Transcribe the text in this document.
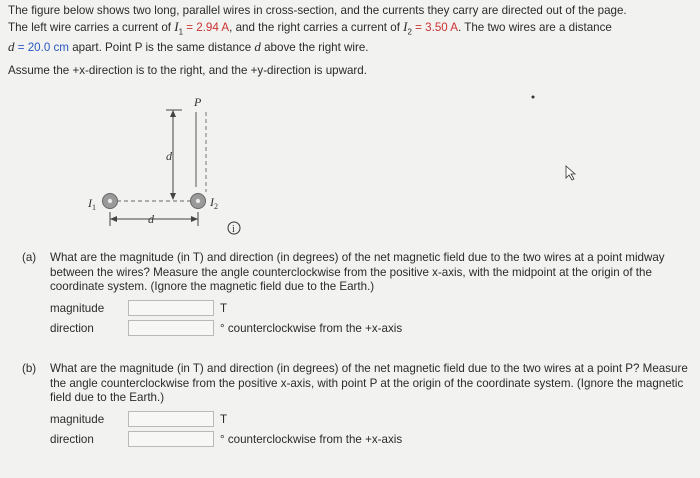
The figure below shows two long, parallel wires in cross-section, and the currents they carry are directed out of the page.

The left wire carries a current of $I_1 = 2.94$ A, and the right carries a current of $I_2 = 3.50$ A. The two wires are a distance

d = 20.0 cm apart. Point P is the same distance d above the right wire.

Assume the +x-direction is to the right, and the +y-direction is upward.
P
d
$I_1$	$I_2$
d
i
(a) What are the magnitude (in T) and direction (in degrees) of the net magnetic field due to the two wires at a point midway between the wires? Measure the angle counterclockwise from the positive x-axis, with the midpoint at the origin of the coordinate system. (Ignore the magnetic field due to the Earth.)
magnitude	T
direction	° counterclockwise from the +x-axis
(b) What are the magnitude (in T) and direction (in degrees) of the net magnetic field due to the two wires at a point P? Measure the angle counterclockwise from the positive x-axis, with point P at the origin of the coordinate system. (Ignore the magnetic field due to the Earth.)
magnitude	T
direction	° counterclockwise from the +x-axis
